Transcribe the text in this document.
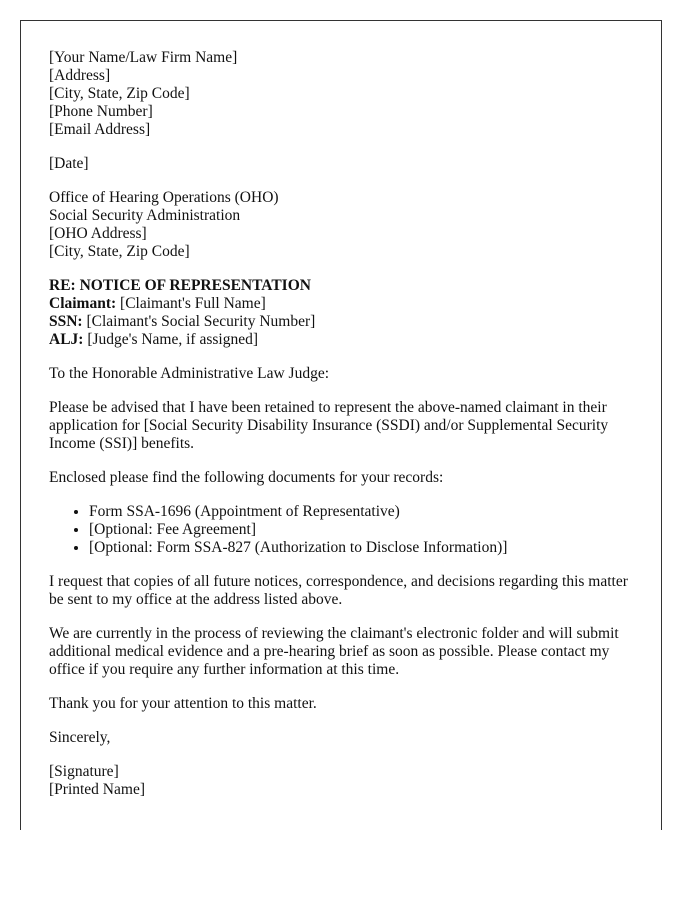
[Your Name/Law Firm Name]
[Address]
[City, State, Zip Code]
[Phone Number]
[Email Address]

[Date]

Office of Hearing Operations (OHO)
Social Security Administration
[OHO Address]
[City, State, Zip Code]
RE: NOTICE OF REPRESENTATION
Claimant: [Claimant's Full Name]
SSN: [Claimant's Social Security Number]
ALJ: [Judge's Name, if assigned]

To the Honorable Administrative Law Judge:

Please be advised that I have been retained to represent the above-named claimant in their application for [Social Security Disability Insurance (SSDI) and/or Supplemental Security Income (SSI)] benefits.

Enclosed please find the following documents for your records:

• Form SSA-1696 (Appointment of Representative)
• [Optional: Fee Agreement]
• [Optional: Form SSA-827 (Authorization to Disclose Information)]

I request that copies of all future notices, correspondence, and decisions regarding this matter be sent to my office at the address listed above.

We are currently in the process of reviewing the claimant's electronic folder and will submit additional medical evidence and a pre-hearing brief as soon as possible. Please contact my office if you require any further information at this time.

Thank you for your attention to this matter.

Sincerely,

[Signature]
[Printed Name]
